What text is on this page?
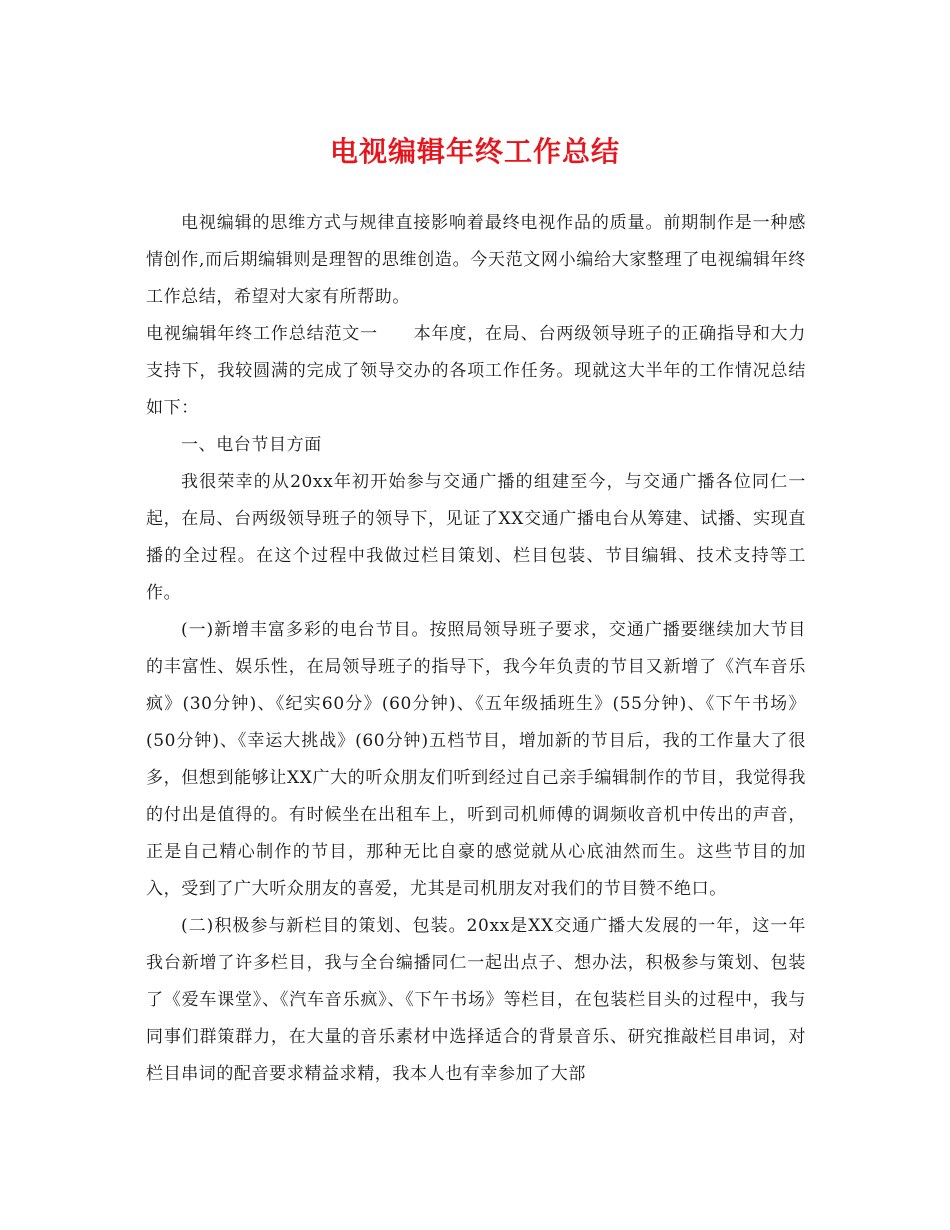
电视编辑年终工作总结

电视编辑的思维方式与规律直接影响着最终电视作品的质量。前期制作是一种感情创作,而后期编辑则是理智的思维创造。今天范文网小编给大家整理了电视编辑年终工作总结，希望对大家有所帮助。

电视编辑年终工作总结范文一　　本年度，在局、台两级领导班子的正确指导和大力支持下，我较圆满的完成了领导交办的各项工作任务。现就这大半年的工作情况总结如下：

一、电台节目方面

我很荣幸的从20xx年初开始参与交通广播的组建至今，与交通广播各位同仁一起，在局、台两级领导班子的领导下，见证了XX交通广播电台从筹建、试播、实现直播的全过程。在这个过程中我做过栏目策划、栏目包装、节目编辑、技术支持等工作。

(一)新增丰富多彩的电台节目。按照局领导班子要求，交通广播要继续加大节目的丰富性、娱乐性，在局领导班子的指导下，我今年负责的节目又新增了《汽车音乐疯》(30分钟)、《纪实60分》(60分钟)、《五年级插班生》(55分钟)、《下午书场》(50分钟)、《幸运大挑战》(60分钟)五档节目，增加新的节目后，我的工作量大了很多，但想到能够让XX广大的听众朋友们听到经过自己亲手编辑制作的节目，我觉得我的付出是值得的。有时候坐在出租车上，听到司机师傅的调频收音机中传出的声音，正是自己精心制作的节目，那种无比自豪的感觉就从心底油然而生。这些节目的加入，受到了广大听众朋友的喜爱，尤其是司机朋友对我们的节目赞不绝口。

(二)积极参与新栏目的策划、包装。20xx是XX交通广播大发展的一年，这一年我台新增了许多栏目，我与全台编播同仁一起出点子、想办法，积极参与策划、包装了《爱车课堂》、《汽车音乐疯》、《下午书场》等栏目，在包装栏目头的过程中，我与同事们群策群力，在大量的音乐素材中选择适合的背景音乐、研究推敲栏目串词，对栏目串词的配音要求精益求精，我本人也有幸参加了大部
